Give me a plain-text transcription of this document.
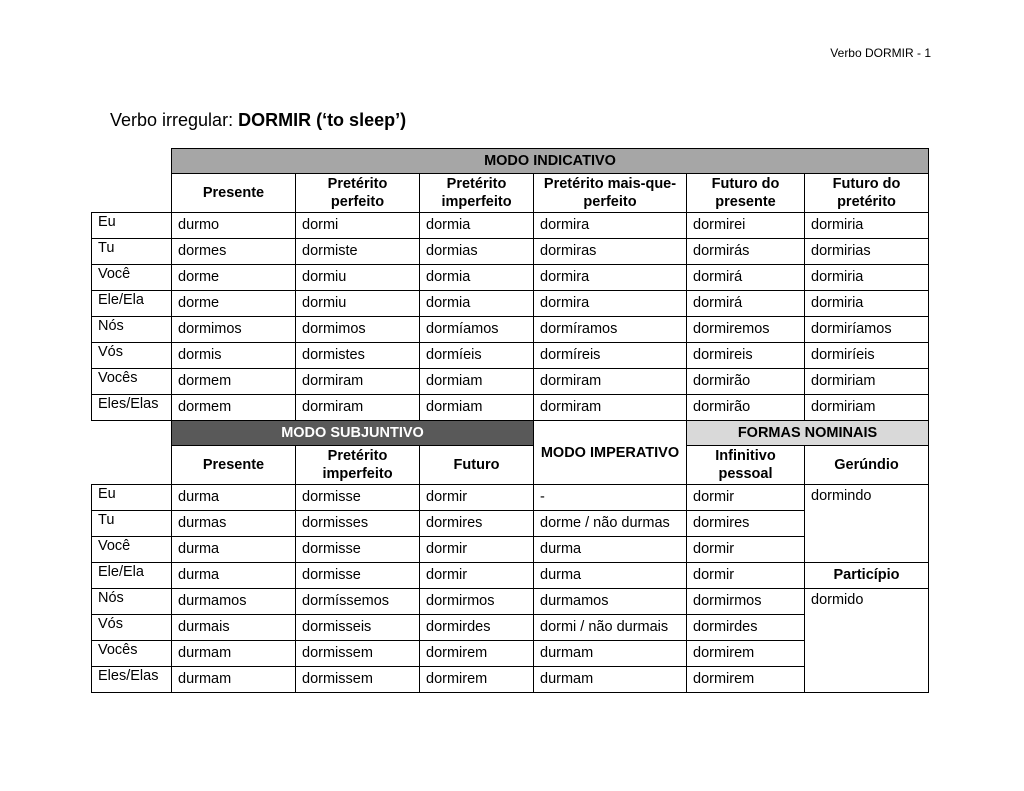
Verbo DORMIR - 1
Verbo irregular: DORMIR (‘to sleep’)
	MODO INDICATIVO					
	Presente	Pretérito perfeito	Pretérito imperfeito	Pretérito mais-que-perfeito	Futuro do presente	Futuro do pretérito
Eu	durmo	dormi	dormia	dormira	dormirei	dormiria
Tu	dormes	dormiste	dormias	dormiras	dormirás	dormirias
Você	dorme	dormiu	dormia	dormira	dormirá	dormiria
Ele/Ela	dorme	dormiu	dormia	dormira	dormirá	dormiria
Nós	dormimos	dormimos	dormíamos	dormíramos	dormiremos	dormiríamos
Vós	dormis	dormistes	dormíeis	dormíreis	dormireis	dormiríeis
Vocês	dormem	dormiram	dormiam	dormiram	dormirão	dormiriam
Eles/Elas	dormem	dormiram	dormiam	dormiram	dormirão	dormiriam
	MODO SUBJUNTIVO			MODO IMPERATIVO	FORMAS NOMINAIS	
	Presente	Pretérito imperfeito	Futuro		Infinitivo pessoal	Gerúndio
Eu	durma	dormisse	dormir	-	dormir	dormindo
Tu	durmas	dormisses	dormires	dorme / não durmas	dormires	
Você	durma	dormisse	dormir	durma	dormir	
Ele/Ela	durma	dormisse	dormir	durma	dormir	Particípio
Nós	durmamos	dormíssemos	dormirmos	durmamos	dormirmos	dormido
Vós	durmais	dormisseis	dormirdes	dormi / não durmais	dormirdes	
Vocês	durmam	dormissem	dormirem	durmam	dormirem	
Eles/Elas	durmam	dormissem	dormirem	durmam	dormirem	
